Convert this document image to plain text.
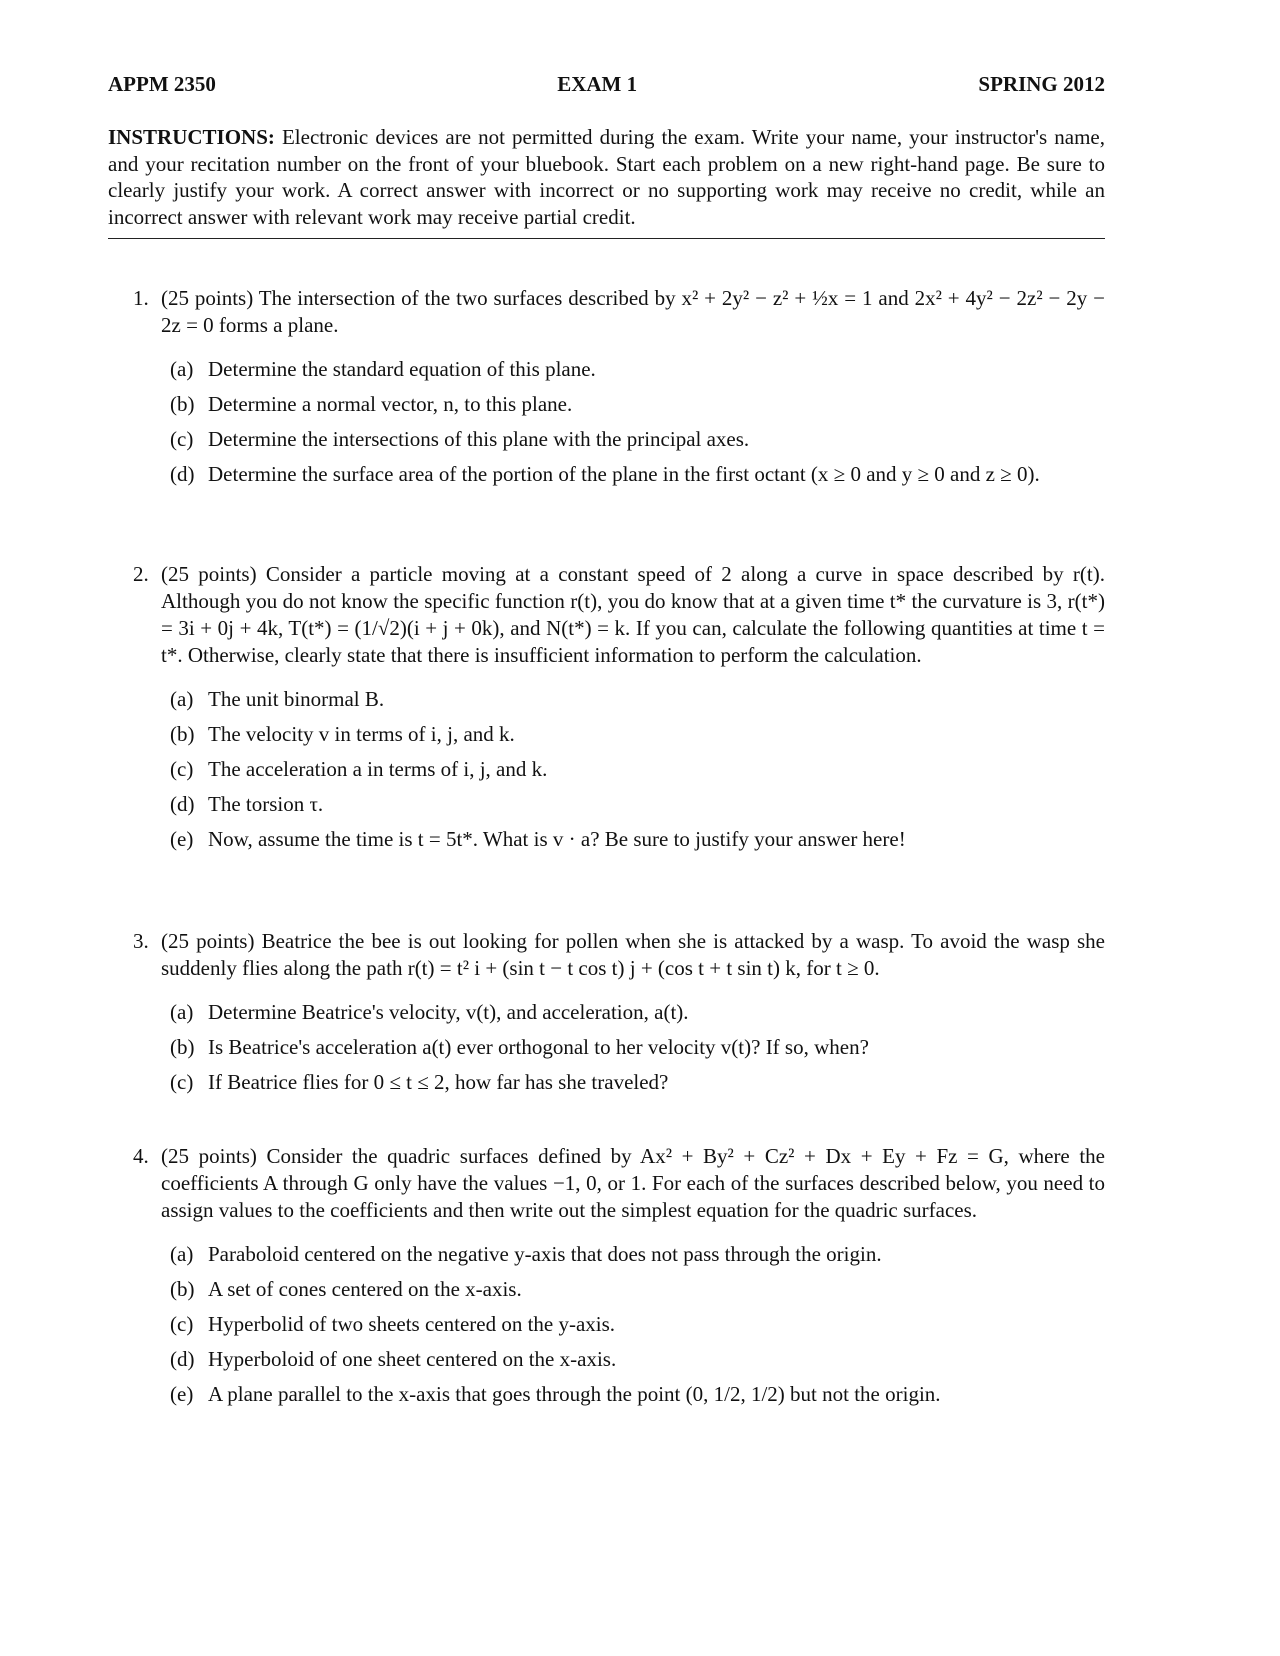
APPM 2350	EXAM 1	SPRING 2012
INSTRUCTIONS: Electronic devices are not permitted during the exam. Write your name, your instructor's name, and your recitation number on the front of your bluebook. Start each problem on a new right-hand page. Be sure to clearly justify your work. A correct answer with incorrect or no supporting work may receive no credit, while an incorrect answer with relevant work may receive partial credit.
1. (25 points) The intersection of the two surfaces described by x² + 2y² − z² + ½x = 1 and 2x² + 4y² − 2z² − 2y − 2z = 0 forms a plane.
(a) Determine the standard equation of this plane.
(b) Determine a normal vector, n, to this plane.
(c) Determine the intersections of this plane with the principal axes.
(d) Determine the surface area of the portion of the plane in the first octant (x ≥ 0 and y ≥ 0 and z ≥ 0).
2. (25 points) Consider a particle moving at a constant speed of 2 along a curve in space described by r(t). Although you do not know the specific function r(t), you do know that at a given time t* the curvature is 3, r(t*) = 3i + 0j + 4k, T(t*) = (1/√2)(i + j + 0k), and N(t*) = k. If you can, calculate the following quantities at time t = t*. Otherwise, clearly state that there is insufficient information to perform the calculation.
(a) The unit binormal B.
(b) The velocity v in terms of i, j, and k.
(c) The acceleration a in terms of i, j, and k.
(d) The torsion τ.
(e) Now, assume the time is t = 5t*. What is v · a? Be sure to justify your answer here!
3. (25 points) Beatrice the bee is out looking for pollen when she is attacked by a wasp. To avoid the wasp she suddenly flies along the path r(t) = t² i + (sin t − t cos t) j + (cos t + t sin t) k, for t ≥ 0.
(a) Determine Beatrice's velocity, v(t), and acceleration, a(t).
(b) Is Beatrice's acceleration a(t) ever orthogonal to her velocity v(t)? If so, when?
(c) If Beatrice flies for 0 ≤ t ≤ 2, how far has she traveled?
4. (25 points) Consider the quadric surfaces defined by Ax² + By² + Cz² + Dx + Ey + Fz = G, where the coefficients A through G only have the values −1, 0, or 1. For each of the surfaces described below, you need to assign values to the coefficients and then write out the simplest equation for the quadric surfaces.
(a) Paraboloid centered on the negative y-axis that does not pass through the origin.
(b) A set of cones centered on the x-axis.
(c) Hyperbolid of two sheets centered on the y-axis.
(d) Hyperboloid of one sheet centered on the x-axis.
(e) A plane parallel to the x-axis that goes through the point (0, 1/2, 1/2) but not the origin.
